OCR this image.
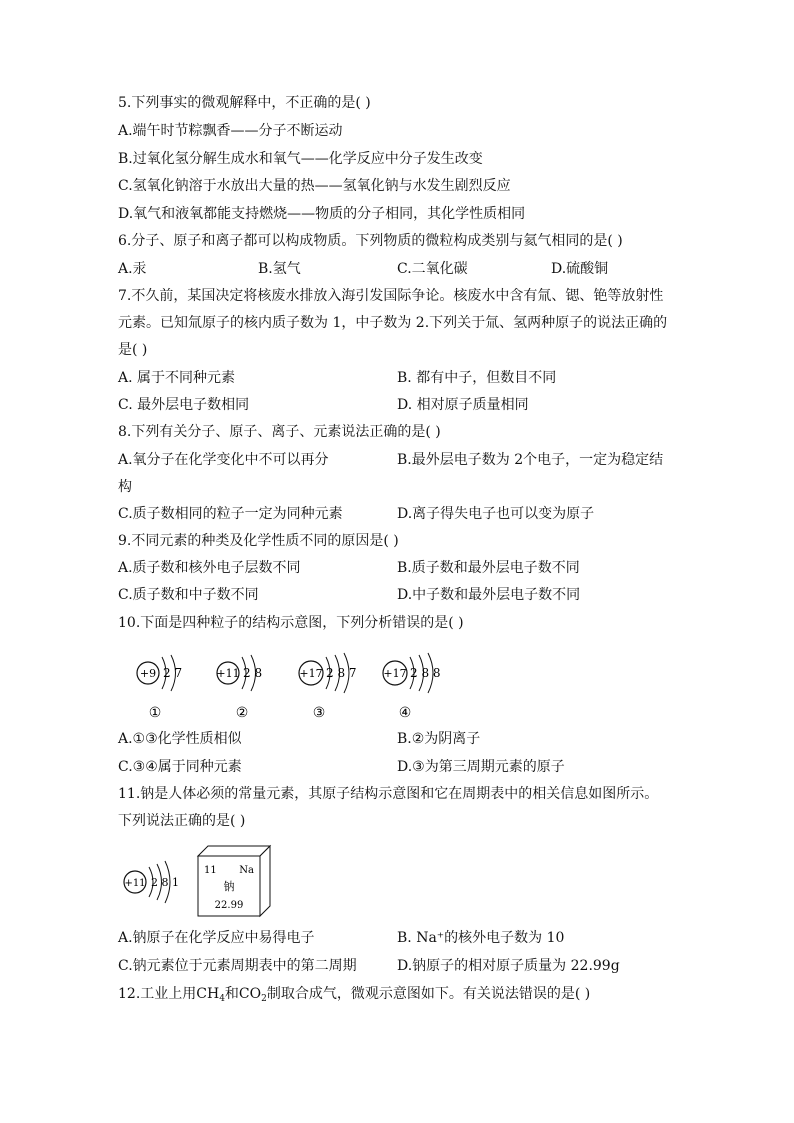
5.下列事实的微观解释中，不正确的是( )
A.端午时节粽飘香——分子不断运动
B.过氧化氢分解生成水和氧气——化学反应中分子发生改变
C.氢氧化钠溶于水放出大量的热——氢氧化钠与水发生剧烈反应
D.氧气和液氧都能支持燃烧——物质的分子相同，其化学性质相同
6.分子、原子和离子都可以构成物质。下列物质的微粒构成类别与氦气相同的是( )
A.汞	B.氢气	C.二氧化碳	D.硫酸铜
7.不久前，某国决定将核废水排放入海引发国际争论。核废水中含有氚、锶、铯等放射性
元素。已知氚原子的核内质子数为 1，中子数为 2.下列关于氚、氢两种原子的说法正确的
是( )
A. 属于不同种元素	B. 都有中子，但数目不同
C. 最外层电子数相同	D. 相对原子质量相同
8.下列有关分子、原子、离子、元素说法正确的是( )
A.氧分子在化学变化中不可以再分	B.最外层电子数为 2个电子，一定为稳定结
构
C.质子数相同的粒子一定为同种元素	D.离子得失电子也可以变为原子
9.不同元素的种类及化学性质不同的原因是( )
A.质子数和核外电子层数不同	B.质子数和最外层电子数不同
C.质子数和中子数不同	D.中子数和最外层电子数不同
10.下面是四种粒子的结构示意图，下列分析错误的是( )
+9 2 7
①
+11 2 8
②
+17 2 8 7
③
+17 2 8 8
④
A.①③化学性质相似	B.②为阴离子
C.③④属于同种元素	D.③为第三周期元素的原子
11.钠是人体必须的常量元素，其原子结构示意图和它在周期表中的相关信息如图所示。
下列说法正确的是( )
+11 2 8 1
11 Na
钠
22.99
A.钠原子在化学反应中易得电子	B. Na⁺的核外电子数为 10
C.钠元素位于元素周期表中的第二周期	D.钠原子的相对原子质量为 22.99g
12.工业上用$CH_4$和$CO_2$制取合成气，微观示意图如下。有关说法错误的是( )
